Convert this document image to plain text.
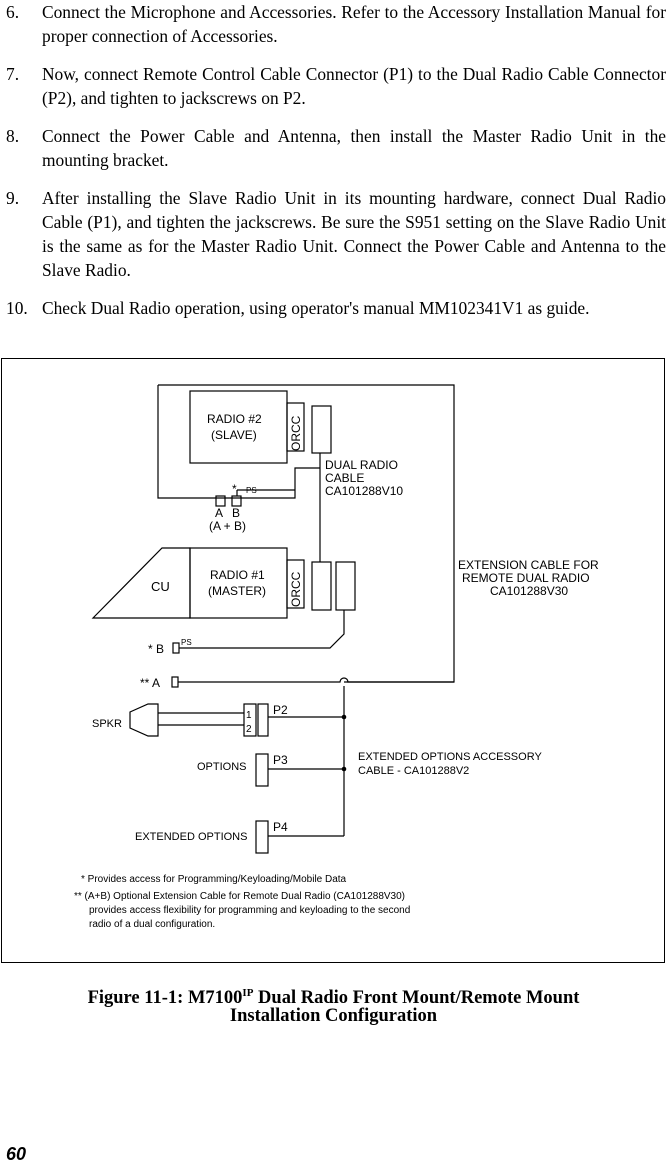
6.	Connect the Microphone and Accessories. Refer to the Accessory Installation Manual for proper connection of Accessories.
7.	Now, connect Remote Control Cable Connector (P1) to the Dual Radio Cable Connector (P2), and tighten to jackscrews on P2.
8.	Connect the Power Cable and Antenna, then install the Master Radio Unit in the mounting bracket.
9.	After installing the Slave Radio Unit in its mounting hardware, connect Dual Radio Cable (P1), and tighten the jackscrews. Be sure the S951 setting on the Slave Radio Unit is the same as for the Master Radio Unit. Connect the Power Cable and Antenna to the Slave Radio.
10. Check Dual Radio operation, using operator's manual MM102341V1 as guide.
RADIO #2
(SLAVE)	ORCC
DUAL RADIO
CABLE
CA101288V10
* PS
A B
(A + B)
CU
RADIO #1
(MASTER) ORCC
EXTENSION CABLE FOR
REMOTE DUAL RADIO
CA101288V30
* B PS
** A
SPKR
1
2
P2
OPTIONS P3	EXTENDED OPTIONS ACCESSORY
CABLE - CA101288V2
EXTENDED OPTIONS
P4
* Provides access for Programming/Keyloading/Mobile Data
** (A+B) Optional Extension Cable for Remote Dual Radio (CA101288V30)
provides access flexibility for programming and keyloading to the second
radio of a dual configuration.
Figure 11-1: $M7100^{IP}$ Dual Radio Front Mount/Remote Mount
Installation Configuration
60
